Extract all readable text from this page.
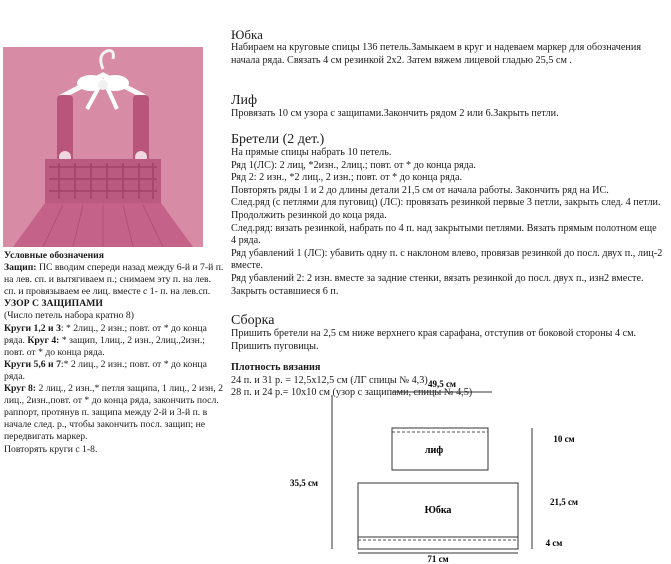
Условные обозначения

Защип: ПС вводим спереди назад между 6-й и 7-й п. на лев. сп. и вытягиваем п.; снимаем эту п. на лев. сп. и провязываем ее лиц. вместе с 1- п. на лев.сп.

УЗОР С ЗАЩИПАМИ

(Число петель набора кратно 8)

Круги 1,2 и 3: * 2лиц., 2 изн.; повт. от * до конца ряда. Круг 4: * защип, 1лиц., 2 изн., 2лиц.,2изн.; повт. от * до конца ряда.

Круги 5,6 и 7:* 2 лиц., 2 изн.; повт. от * до конца ряда.

Круг 8: 2 лиц., 2 изн.,* петля защипа, 1 лиц., 2 изн, 2 лиц., 2изн.,повт. от * до конца ряда, закончить посл. раппорт, протянув п. защипа между 2-й и 3-й п. в начале след. р., чтобы закончить посл. защип; не передвигать маркер.

Повторять круги с 1-8.

Юбка

Набираем на круговые спицы 136 петель.Замыкаем в круг и надеваем маркер для обозначения начала ряда. Связать 4 см резинкой 2х2. Затем вяжем лицевой гладью 25,5 см .

Лиф

Провязать 10 см узора с защипами.Закончить рядом 2 или 6.Закрыть петли.

Бретели (2 дет.)

На прямые спицы набрать 10 петель.

Ряд 1(ЛС): 2 лиц, *2изн., 2лиц.; повт. от * до конца ряда.

Ряд 2: 2 изн., *2 лиц., 2 изн.; повт. от * до конца ряда.

Повторять ряды 1 и 2 до длины детали 21,5 см от начала работы. Закончить ряд на ИС.

След.ряд (с петлями для пуговиц) (ЛС): провязать резинкой первые 3 петли, закрыть след. 4 петли. Продолжить резинкой до коца ряда.

След.ряд: вязать резинкой, набрать по 4 п. над закрытыми петлями. Вязать прямым полотном еще 4 ряда.

Ряд убавлений 1 (ЛС): убавить одну п. с наклоном влево, провязав резинкой до посл. двух п., лиц-2 вместе.

Ряд убавлений 2: 2 изн. вместе за задние стенки, вязать резинкой до посл. двух п., изн2 вместе. Закрыть оставшиеся 6 п.

Сборка

Пришить бретели на 2,5 см ниже верхнего края сарафана, отступив от боковой стороны 4 см. Пришить пуговицы.

Плотность вязания

24 п. и 31 р. = 12,5х12,5 см (ЛГ спицы № 4,3)

28 п. и 24 р.= 10х10 см (узор с защипами, спицы № 4,5)

49,5 см
лиф
Юбка
71 см
35,5 см
10 см
21,5 см
4 см
